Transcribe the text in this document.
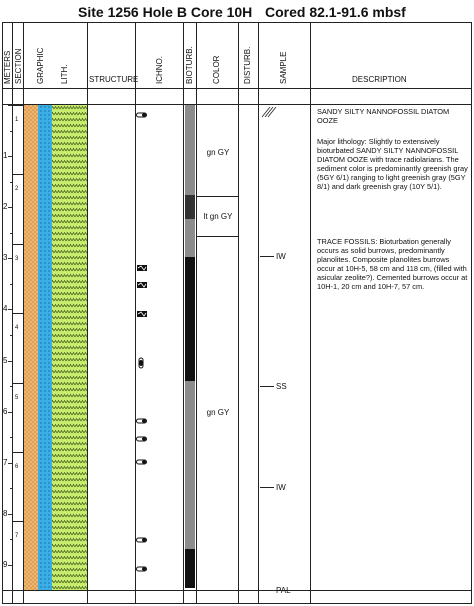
Site 1256 Hole B Core 10H Cored 82.1-91.6 mbsf
METERS SECTION GRAPHIC LITH.	STRUCTURE ICHNO.	BIOTURB. COLOR	DISTURB.	SAMPLE	DESCRIPTION
1
2
3
4
5
6
7
8
9
1
2
3
4
5
6
7
gn GY
lt gn GY
gn GY
IW
SS
IW
PAL
SANDY SILTY NANNOFOSSIL DIATOM OOZE
Major lithology: Slightly to extensively bioturbated SANDY SILTY NANNOFOSSIL DIATOM OOZE with trace radiolarians. The sediment color is predominantly greenish gray (5GY 6/1) ranging to light greenish gray (5GY 8/1) and dark greenish gray (10Y 5/1).
TRACE FOSSILS: Bioturbation generally occurs as solid burrows, predominantly planolites. Composite planolites burrows occur at 10H-5, 58 cm and 118 cm, (filled with asicular zeolite?). Cemented burrows occur at 10H-1, 20 cm and 10H-7, 57 cm.
